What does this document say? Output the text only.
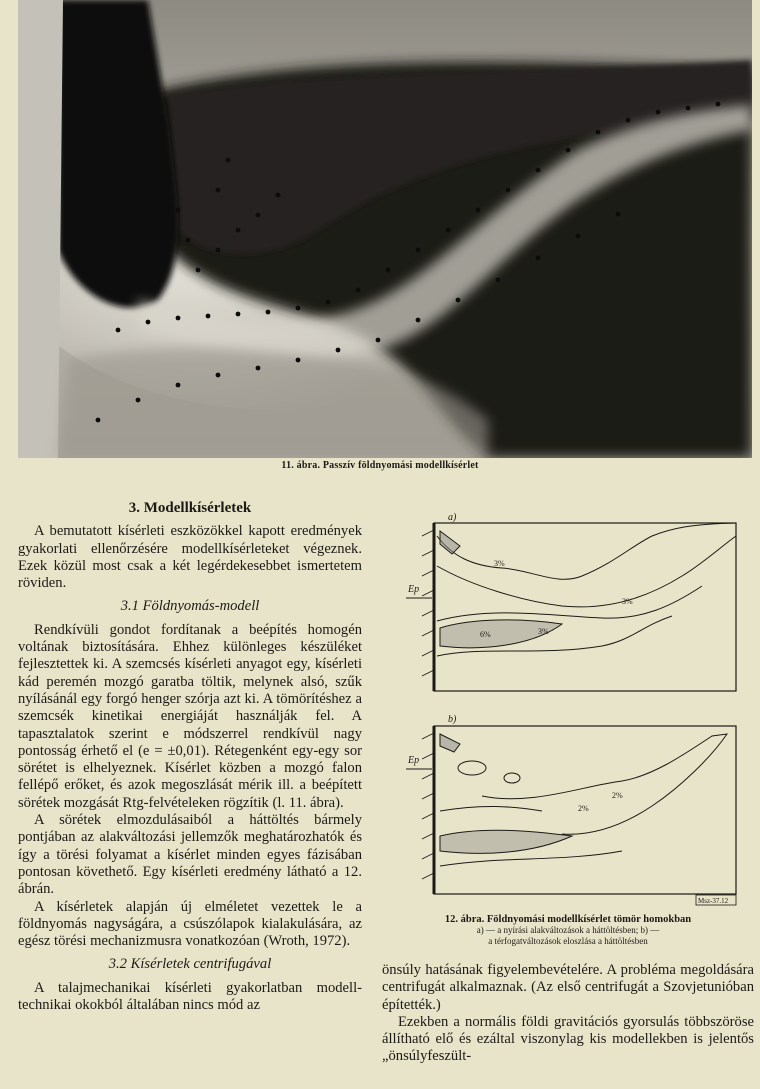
11. ábra. Passzív földnyomási modellkísérlet
3. Modellkísérletek

A bemutatott kísérleti eszközökkel kapott eredmények gyakorlati ellenőrzésére modellkísérleteket végeznek. Ezek közül most csak a két legérdekesebbet ismertetem röviden.

3.1 Földnyomás-modell

Rendkívüli gondot fordítanak a beépítés homogén voltának biztosítására. Ehhez különleges készüléket fejlesztettek ki. A szemcsés kísérleti anyagot egy, kísérleti kád peremén mozgó garatba töltik, melynek alsó, szűk nyílásánál egy forgó henger szórja azt ki. A tömörítéshez a szemcsék kinetikai energiáját használják fel. A tapasztalatok szerint e módszerrel rendkívül nagy pontosság érhető el (e = ±0,01). Rétegenként egy-egy sor sörétet is elhelyeznek. Kísérlet közben a mozgó falon fellépő erőket, és azok megoszlását mérik ill. a beépített sörétek mozgását Rtg-felvételeken rögzítik (l. 11. ábra).

A sörétek elmozdulásaiból a háttöltés bármely pontjában az alakváltozási jellemzők meghatározhatók és így a törési folyamat a kísérlet minden egyes fázisában pontosan követhető. Egy kísérleti eredmény látható a 12. ábrán.

A kísérletek alapján új elméletet vezettek le a földnyomás nagyságára, a csúszólapok kialakulására, az egész törési mechanizmusra vonatkozóan (Wroth, 1972).

3.2 Kísérletek centrifugával

A talajmechanikai kísérleti gyakorlatban modell-technikai okokból általában nincs mód az

a)
Ep
3%
3%
6%	3%
b)
Ep
2%
2%
Msz-37.12
12. ábra. Földnyomási modellkísérlet tömör homokban
a) — a nyírási alakváltozások a háttöltésben; b) —
a térfogatváltozások eloszlása a háttöltésben

önsúly hatásának figyelembevételére. A probléma megoldására centrifugát alkalmaznak. (Az első centrifugát a Szovjetunióban építették.)

Ezekben a normális földi gravitációs gyorsulás többszöröse állítható elő és ezáltal viszonylag kis modellekben is jelentős „önsúlyfeszült-
